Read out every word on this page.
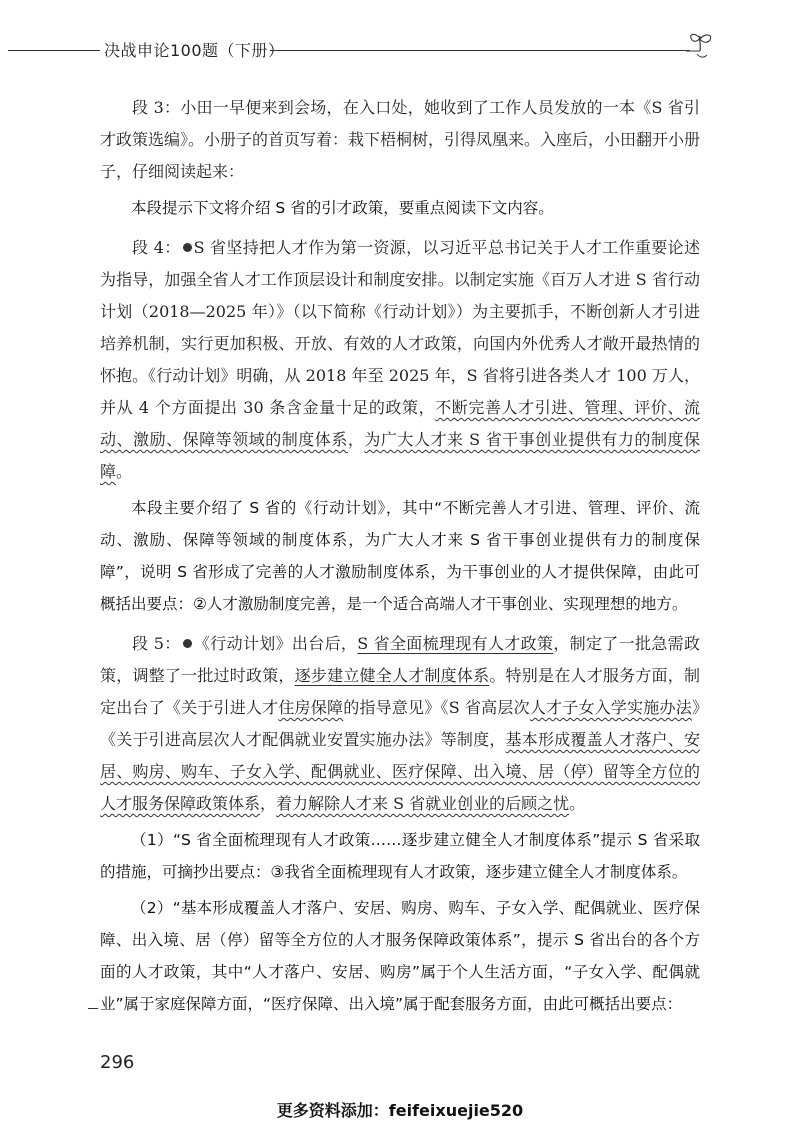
决战申论100题（下册）

段 3：小田一早便来到会场，在入口处，她收到了工作人员发放的一本《S 省引才政策选编》。小册子的首页写着：栽下梧桐树，引得凤凰来。入座后，小田翻开小册子，仔细阅读起来：

本段提示下文将介绍 S 省的引才政策，要重点阅读下文内容。

段 4： S 省坚持把人才作为第一资源，以习近平总书记关于人才工作重要论述为指导，加强全省人才工作顶层设计和制度安排。以制定实施《百万人才进 S 省行动计划（2018—2025 年）》（以下简称《行动计划》）为主要抓手，不断创新人才引进培养机制，实行更加积极、开放、有效的人才政策，向国内外优秀人才敞开最热情的怀抱。《行动计划》明确，从 2018 年至 2025 年，S 省将引进各类人才 100 万人，并从 4 个方面提出 30 条含金量十足的政策，不断完善人才引进、管理、评价、流动、激励、保障等领域的制度体系，为广大人才来 S 省干事创业提供有力的制度保障。

本段主要介绍了 S 省的《行动计划》，其中“不断完善人才引进、管理、评价、流动、激励、保障等领域的制度体系，为广大人才来 S 省干事创业提供有力的制度保障”，说明 S 省形成了完善的人才激励制度体系，为干事创业的人才提供保障，由此可概括出要点：②人才激励制度完善，是一个适合高端人才干事创业、实现理想的地方。

段 5： 《行动计划》出台后，S 省全面梳理现有人才政策，制定了一批急需政策，调整了一批过时政策，逐步建立健全人才制度体系。特别是在人才服务方面，制定出台了《关于引进人才住房保障的指导意见》《S 省高层次人才子女入学实施办法》《关于引进高层次人才配偶就业安置实施办法》等制度，基本形成覆盖人才落户、安居、购房、购车、子女入学、配偶就业、医疗保障、出入境、居（停）留等全方位的人才服务保障政策体系，着力解除人才来 S 省就业创业的后顾之忧。

（1）“S 省全面梳理现有人才政策……逐步建立健全人才制度体系”提示 S 省采取的措施，可摘抄出要点：③我省全面梳理现有人才政策，逐步建立健全人才制度体系。

（2）“基本形成覆盖人才落户、安居、购房、购车、子女入学、配偶就业、医疗保障、出入境、居（停）留等全方位的人才服务保障政策体系”，提示 S 省出台的各个方面的人才政策，其中“人才落户、安居、购房”属于个人生活方面，“子女入学、配偶就业”属于家庭保障方面，“医疗保障、出入境”属于配套服务方面，由此可概括出要点：

296
更多资料添加：feifeixuejie520
